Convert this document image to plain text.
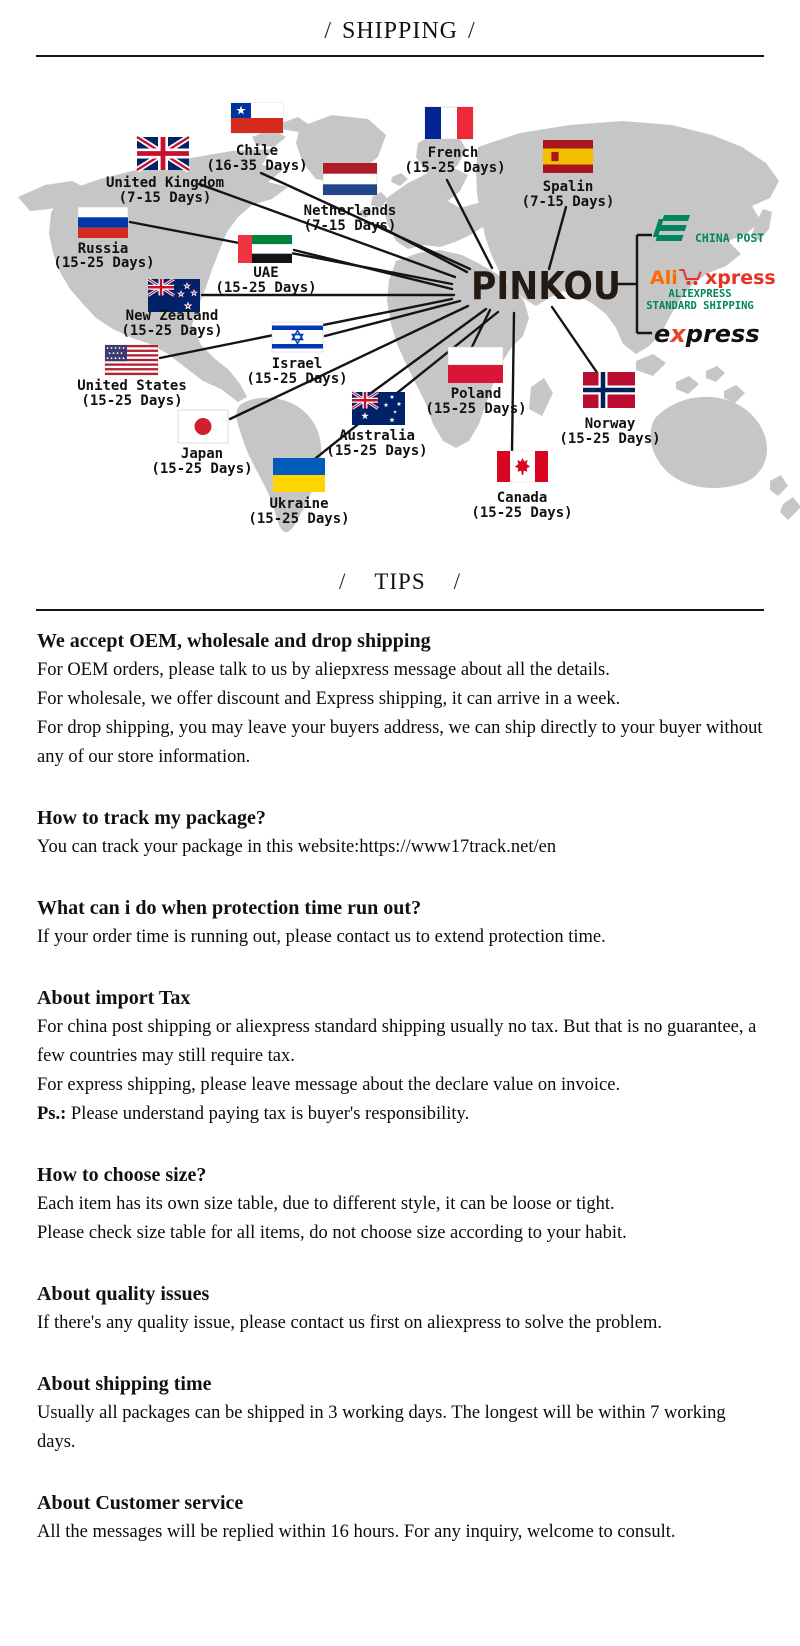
/ SHIPPING /
PINKOU
Chile
(16-35 Days)
United Kingdom
(7-15 Days)
French
(15-25 Days)
Netherlands
(7-15 Days)
Spalin
(7-15 Days)
Russia
(15-25 Days)
UAE
(15-25 Days)
New Zealand
(15-25 Days)
Israel
(15-25 Days)
United States
(15-25 Days)
Japan
(15-25 Days)
Australia
(15-25 Days)
Ukraine
(15-25 Days)
Poland
(15-25 Days)
Norway
(15-25 Days)
Canada
(15-25 Days)
CHINA POST
Ali xpress
ALIEXPRESS
STANDARD SHIPPING
express
/ TIPS /
We accept OEM, wholesale and drop shipping

For OEM orders, please talk to us by aliepxress message about all the details.

For wholesale, we offer discount and Express shipping, it can arrive in a week.

For drop shipping, you may leave your buyers address, we can ship directly to your buyer without any of our store information.

How to track my package?

You can track your package in this website:https://www17track.net/en

What can i do when protection time run out?

If your order time is running out, please contact us to extend protection time.

About import Tax

For china post shipping or aliexpress standard shipping usually no tax. But that is no guarantee, a few countries may still require tax.

For express shipping, please leave message about the declare value on invoice.

Ps.: Please understand paying tax is buyer's responsibility.

How to choose size?

Each item has its own size table, due to different style, it can be loose or tight.

Please check size table for all items, do not choose size according to your habit.

About quality issues

If there's any quality issue, please contact us first on aliexpress to solve the problem.

About shipping time

Usually all packages can be shipped in 3 working days. The longest will be within 7 working days.

About Customer service

All the messages will be replied within 16 hours. For any inquiry, welcome to consult.
